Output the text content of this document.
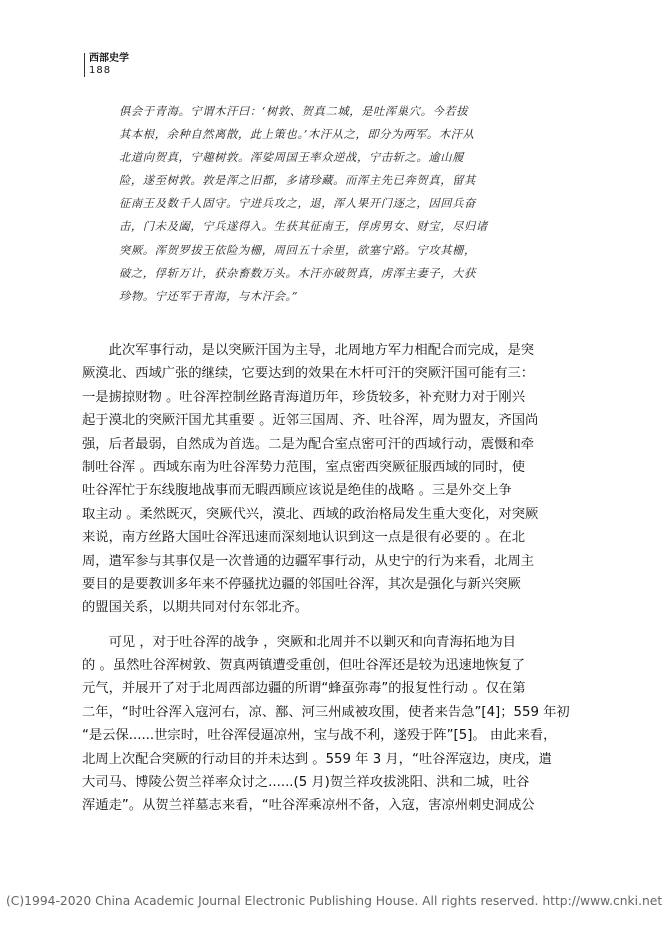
西部史学
188
俱会于青海。宁谓木汗曰：‘树敦、贺真二城，是吐浑巢穴。今若拔
其本根，余种自然离散，此上策也。’木汗从之，即分为两军。木汗从
北道向贺真，宁趣树敦。浑娑周国王率众逆战，宁击斩之。逾山履
险，遂至树敦。敦是浑之旧都，多诸珍藏。而浑主先已奔贺真，留其
征南王及数千人固守。宁进兵攻之，退，浑人果开门逐之，因回兵奋
击，门未及阖，宁兵遂得入。生获其征南王，俘虏男女、财宝，尽归诸
突厥。浑贺罗拔王依险为栅，周回五十余里，欲塞宁路。宁攻其栅，
破之，俘斩万计，获杂畜数万头。木汗亦破贺真，虏浑主妻子，大获
珍物。宁还军于青海，与木汗会。”
　　此次军事行动，是以突厥汗国为主导，北周地方军力相配合而完成，是突
厥漠北、西域广张的继续，它要达到的效果在木杆可汗的突厥汗国可能有三：
一是掳掠财物 。吐谷浑控制丝路青海道历年，珍货较多，补充财力对于刚兴
起于漠北的突厥汗国尤其重要 。近邻三国周、齐、吐谷浑，周为盟友，齐国尚
强，后者最弱，自然成为首选。二是为配合室点密可汗的西域行动，震慑和牵
制吐谷浑 。西域东南为吐谷浑势力范围，室点密西突厥征服西域的同时，使
吐谷浑忙于东线腹地战事而无暇西顾应该说是绝佳的战略 。三是外交上争
取主动 。柔然既灭，突厥代兴，漠北、西域的政治格局发生重大变化，对突厥
来说，南方丝路大国吐谷浑迅速而深刻地认识到这一点是很有必要的 。在北
周，遣军参与其事仅是一次普通的边疆军事行动，从史宁的行为来看，北周主
要目的是要教训多年来不停骚扰边疆的邻国吐谷浑，其次是强化与新兴突厥
的盟国关系，以期共同对付东邻北齐。
　　可见 ，对于吐谷浑的战争 ，突厥和北周并不以剿灭和向青海拓地为目
的 。虽然吐谷浑树敦、贺真两镇遭受重创，但吐谷浑还是较为迅速地恢复了
元气，并展开了对于北周西部边疆的所谓“蜂虿弥毒”的报复性行动 。仅在第
二年，“时吐谷浑入寇河右，凉、鄯、河三州咸被攻围，使者来告急”[4]；559 年初
“是云保......世宗时，吐谷浑侵逼凉州，宝与战不利，遂殁于阵”[5]。 由此来看，
北周上次配合突厥的行动目的并未达到 。559 年 3 月，“吐谷浑寇边，庚戌，遣
大司马、博陵公贺兰祥率众讨之......(5 月)贺兰祥攻拔洮阳、洪和二城，吐谷
浑遁走”。从贺兰祥墓志来看，“吐谷浑乘凉州不备，入寇，害凉州刺史洞成公
(C)1994-2020 China Academic Journal Electronic Publishing House. All rights reserved. http://www.cnki.net
